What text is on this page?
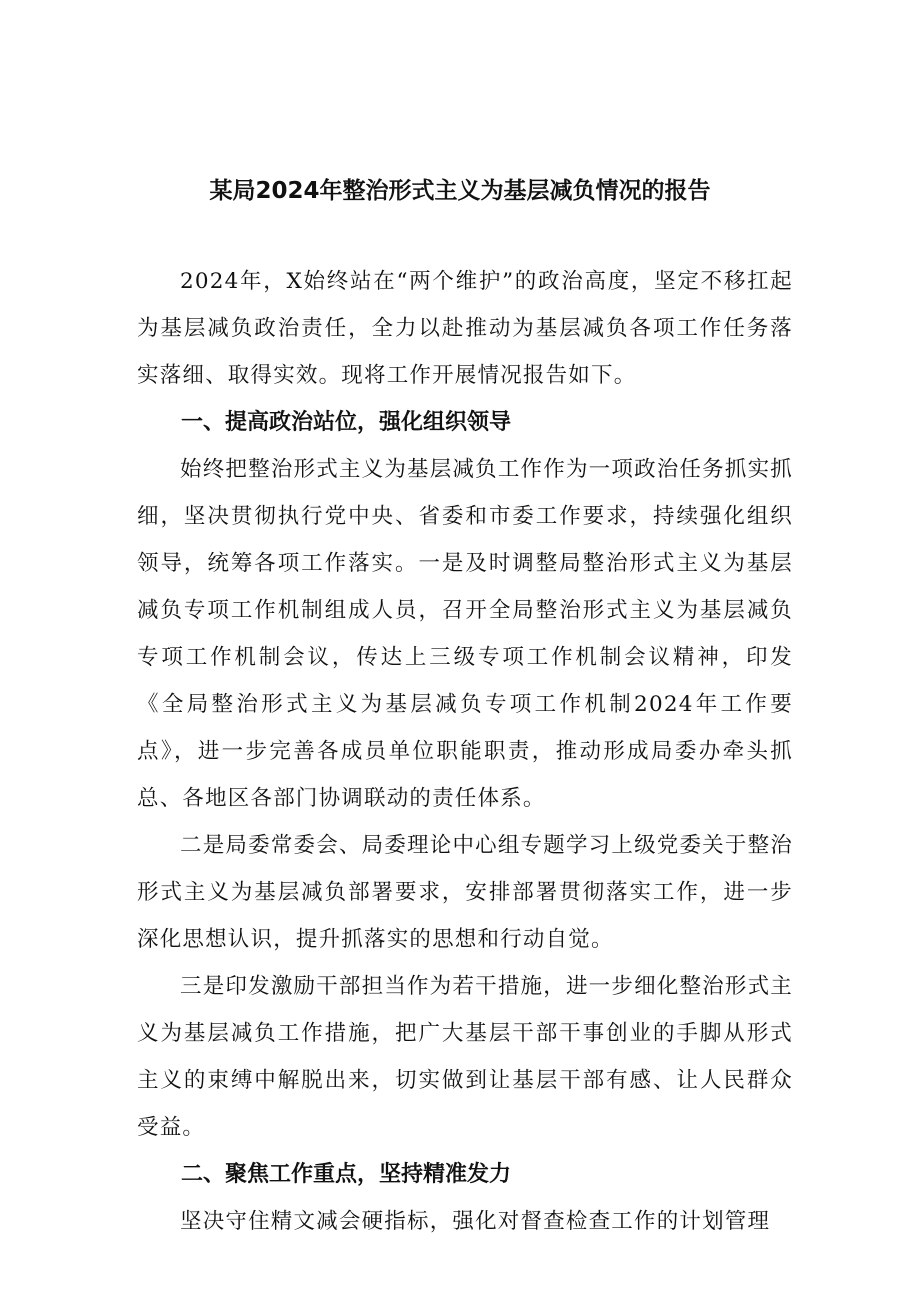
某局2024年整治形式主义为基层减负情况的报告

2024年，X始终站在“两个维护”的政治高度，坚定不移扛起为基层减负政治责任，全力以赴推动为基层减负各项工作任务落实落细、取得实效。现将工作开展情况报告如下。

一、提高政治站位，强化组织领导

始终把整治形式主义为基层减负工作作为一项政治任务抓实抓细，坚决贯彻执行党中央、省委和市委工作要求，持续强化组织领导，统筹各项工作落实。一是及时调整局整治形式主义为基层减负专项工作机制组成人员，召开全局整治形式主义为基层减负专项工作机制会议，传达上三级专项工作机制会议精神，印发《全局整治形式主义为基层减负专项工作机制2024年工作要点》，进一步完善各成员单位职能职责，推动形成局委办牵头抓总、各地区各部门协调联动的责任体系。

二是局委常委会、局委理论中心组专题学习上级党委关于整治形式主义为基层减负部署要求，安排部署贯彻落实工作，进一步深化思想认识，提升抓落实的思想和行动自觉。

三是印发激励干部担当作为若干措施，进一步细化整治形式主义为基层减负工作措施，把广大基层干部干事创业的手脚从形式主义的束缚中解脱出来，切实做到让基层干部有感、让人民群众受益。

二、聚焦工作重点，坚持精准发力

坚决守住精文减会硬指标，强化对督查检查工作的计划管理
